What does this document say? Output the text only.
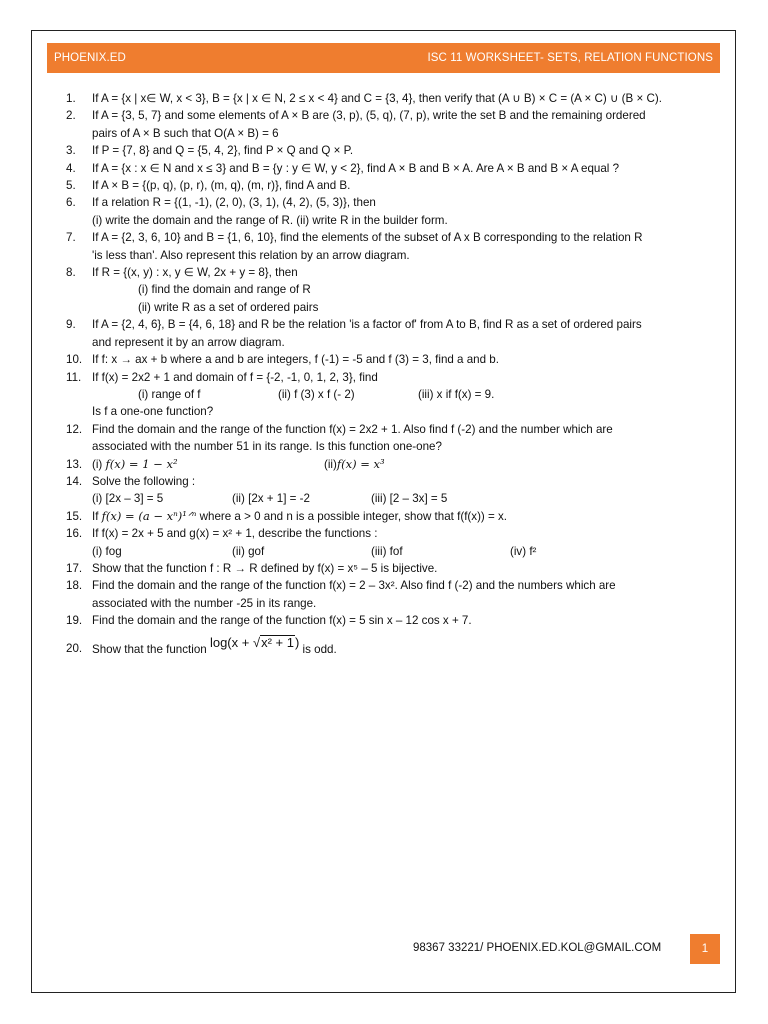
PHOENIX.ED	ISC 11 WORKSHEET- SETS, RELATION FUNCTIONS
1.	If A = {x | x∈ W, x < 3}, B = {x | x ∈ N, 2 ≤ x < 4} and C = {3, 4}, then verify that (A ∪ B) × C = (A × C) ∪ (B × C).
2.	If A = {3, 5, 7} and some elements of A × B are (3, p), (5, q), (7, p), write the set B and the remaining ordered
pairs of A × B such that O(A × B) = 6
3.	If P = {7, 8} and Q = {5, 4, 2}, find P × Q and Q × P.
4.	If A = {x : x ∈ N and x ≤ 3} and B = {y : y ∈ W, y < 2}, find A × B and B × A. Are A × B and B × A equal ?
5.	If A × B = {(p, q), (p, r), (m, q), (m, r)}, find A and B.
6.	If a relation R = {(1, -1), (2, 0), (3, 1), (4, 2), (5, 3)}, then
(i) write the domain and the range of R. (ii) write R in the builder form.
7.	If A = {2, 3, 6, 10} and B = {1, 6, 10}, find the elements of the subset of A x B corresponding to the relation R
'is less than'. Also represent this relation by an arrow diagram.
8.	If R = {(x, y) : x, y ∈ W, 2x + y = 8}, then
(i) find the domain and range of R
(ii) write R as a set of ordered pairs
9.	If A = {2, 4, 6}, B = {4, 6, 18} and R be the relation 'is a factor of' from A to B, find R as a set of ordered pairs
and represent it by an arrow diagram.
10. If f: x → ax + b where a and b are integers, f (-1) = -5 and f (3) = 3, find a and b.
11. If f(x) = 2x2 + 1 and domain of f = {-2, -1, 0, 1, 2, 3}, find
(i) range of f	(ii) f (3) x f (- 2)	(iii) x if f(x) = 9.
Is f a one-one function?
12. Find the domain and the range of the function f(x) = 2x2 + 1. Also find f (-2) and the number which are
associated with the number 51 in its range. Is this function one-one?
13. (i) f(x) = 1 − x²	(ii)f(x) = x³
14. Solve the following :
(i) [2x – 3] = 5	(ii) [2x + 1] = -2	(iii) [2 – 3x] = 5
15. If f(x) = (a − xⁿ)¹ᐟⁿ where a > 0 and n is a possible integer, show that f(f(x)) = x.
16. If f(x) = 2x + 5 and g(x) = x² + 1, describe the functions :
(i) fog	(ii) gof	(iii) fof	(iv) f²
17. Show that the function f : R → R defined by f(x) = x⁵ – 5 is bijective.
18. Find the domain and the range of the function f(x) = 2 – 3x². Also find f (-2) and the numbers which are
associated with the number -25 in its range.
19. Find the domain and the range of the function f(x) = 5 sin x – 12 cos x + 7.
20. Show that the function log(x + √x² + 1) is odd.
98367 33221/ PHOENIX.ED.KOL@GMAIL.COM	1
